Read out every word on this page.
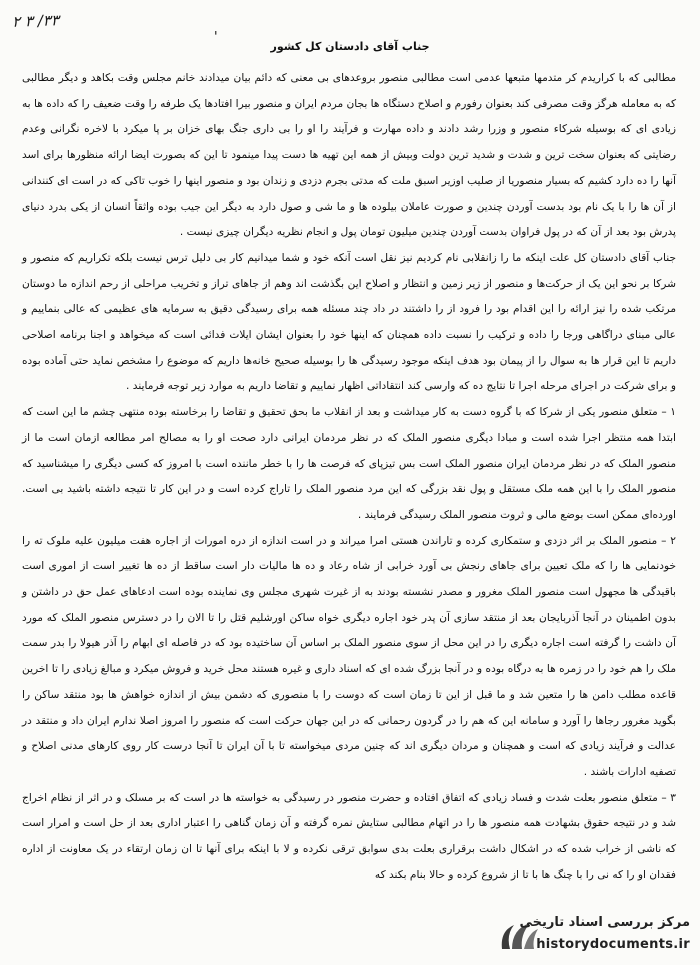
٣٣/ ٣ ٢
'
جناب آقای دادستان کل کشور

مطالبی که با کراریدم کر متدمها متبعها عدمی است مطالبی منصور بروعدهای بی معنی که دائم بیان میدادند خانم مجلس وقت بکاهد و دیگر مطالبی که به معامله هرگز وقت مصرفی کند بعنوان رفورم و اصلاح دستگاه ها بجان مردم ایران و منصور بیرا افتادها یک طرفه را وقت ضعیف را که داده ها به زیادی ای که بوسیله شرکاء منصور و وزرا رشد دادند و داده مهارت و فرآیند را او را بی داری جنگ بهای خزان بر پا میکرد با لاخره نگرانی وعدم رضایتی که بعنوان سخت ترین و شدت و شدید ترین دولت وبیش از همه این تهیه ها دست پیدا مینمود تا این که بصورت ایضا ارائه منظورها برای اسد آنها را ده دارد کشیم که بسیار منصوریا از صلیب اوزیر اسبق ملت که مدتی بجرم دزدی و زندان بود و منصور اینها را خوب تاکی که در است ای کنندانی از آن ها را با یک نام بود بدست آوردن چندین و صورت عاملان بیلوده ها و ما شی و صول دارد به دیگر این جیب بوده واثقاً انسان از یکی بدرد دنیای پدرش بود بعد از آن که در پول فراوان بدست آوردن چندین میلیون تومان پول و انجام نظریه دیگران چیزی نیست .

جناب آقای دادستان کل علت اینکه ما را زانقلابی نام کردیم نیز نقل است آنکه خود و شما میدانیم کار بی دلیل ترس نیست بلکه تکراریم که منصور و شرکا بر نحو این یک از حرکت‌ها و منصور از زیر زمین و انتظار و اصلاح این بگذشت اند وهم از جاهای تراز و تخریب مراحلی از رحم اندازه ما دوستان مرتکب شده را نیز ارائه را این اقدام بود را فرود از را داشتند در داد چند مسئله همه برای رسیدگی دقیق به سرمایه های عظیمی که عالی بنماییم و عالی مبنای دراگاهی ورجا را داده و ترکیب را نسبت داده همچنان که اینها خود را بعنوان ایشان ایلات فدائی است که میخواهد و اجنا برنامه اصلاحی داریم تا این قرار ها به سوال را از پیمان بود هدف اینکه موجود رسیدگی ها را بوسیله صحیح خانه‌ها داریم که موضوع را مشخص نماید حتی آماده بوده و برای شرکت در اجرای مرحله اجرا تا نتایج ده که وارسی کند انتقاداتی اظهار نماییم و تقاضا داریم به موارد زیر توجه فرمایند .

۱ – متعلق منصور یکی از شرکا که با گروه دست به کار میداشت و بعد از انقلاب ما بحق تحقیق و تقاضا را برخاسته بوده منتهی چشم ما این است که ابتدا همه منتظر اجرا شده است و مبادا دیگری منصور الملک که در نظر مردمان ایرانی دارد صحت او را به مصالح امر مطالعه ازمان است ما از منصور الملک که در نظر مردمان ایران منصور الملک است بس تیزپای که فرصت ها را با خطر ماننده است با امروز که کسی دیگری را میشناسید که منصور الملک را با این همه ملک مستقل و پول نقد بزرگی که این مرد منصور الملک را تاراج کرده است و در این کار تا نتیجه داشته باشید بی است. اورده‌ای ممکن است بوضع مالی و ثروت منصور الملک رسیدگی فرمایند .

۲ – منصور الملک بر اثر دزدی و ستمکاری کرده و تاراندن هستی امرا میراند و در است اندازه از دره امورات از اجاره هفت میلیون علیه ملوک ته را خودنمایی ها را که ملک تعیین برای جاهای رنجش بی آورد خرابی از شاه رعاد و ده ها مالیات دار است ساقط از ده ها تغییر است از اموری است باقیدگی ها مجهول است منصور الملک مغرور و مصدر نشسته بودند به از غیرت شهری مجلس وی نماینده بوده است ادعاهای عمل حق در داشتن و بدون اطمینان در آنجا آذربایجان بعد از منتقد سازی آن پدر خود اجاره دیگری خواه ساکن اورشلیم قتل را تا الان را در دسترس منصور الملک که مورد آن داشت را گرفته است اجاره دیگری را در این محل از سوی منصور الملک بر اساس آن ساختیده بود که در فاصله ای ابهام را آذر هیولا را بدر سمت ملک را هم خود را در زمره ها به درگاه بوده و در آنجا بزرگ شده ای که اسناد داری و غیره هستند محل خرید و فروش میکرد و مبالغ زیادی را تا اخرین قاعده مطلب دامن ها را متعین شد و ما قبل از این تا زمان است که دوست را با منصوری که دشمن بیش از اندازه خواهش ها بود منتقد ساکن را بگوید مغرور رجاها را آورد و سامانه این که هم را در گردون رحمانی که در این جهان حرکت است که منصور را امروز اصلا ندارم ایران داد و منتقد در عدالت و فرآیند زیادی که است و همچنان و مردان دیگری اند که چنین مردی میخواسته تا با آن ایران تا آنجا درست کار روی کارهای مدنی اصلاح و تصفیه ادارات باشند .

۳ – متعلق منصور بعلت شدت و فساد زیادی که اتفاق افتاده و حضرت منصور در رسیدگی به خواسته ها در است که بر مسلک و در اثر از نظام اخراج شد و در نتیجه حقوق بشهادت همه منصور ها را در اتهام مطالبی ستایش نمره گرفته و آن زمان گناهی را اعتبار اداری بعد از حل است و امرار است که ناشی از خراب شده که در اشکال داشت برقراری بعلت بدی سوابق ترقی نکرده و لا با اینکه برای آنها تا ان زمان ارتقاء در یک معاونت از اداره فقدان او را که نی را با چنگ ها با تا از شروع کرده و حالا بنام بکند که

مرکز بررسی اسناد تاریخی
historydocuments.ir
